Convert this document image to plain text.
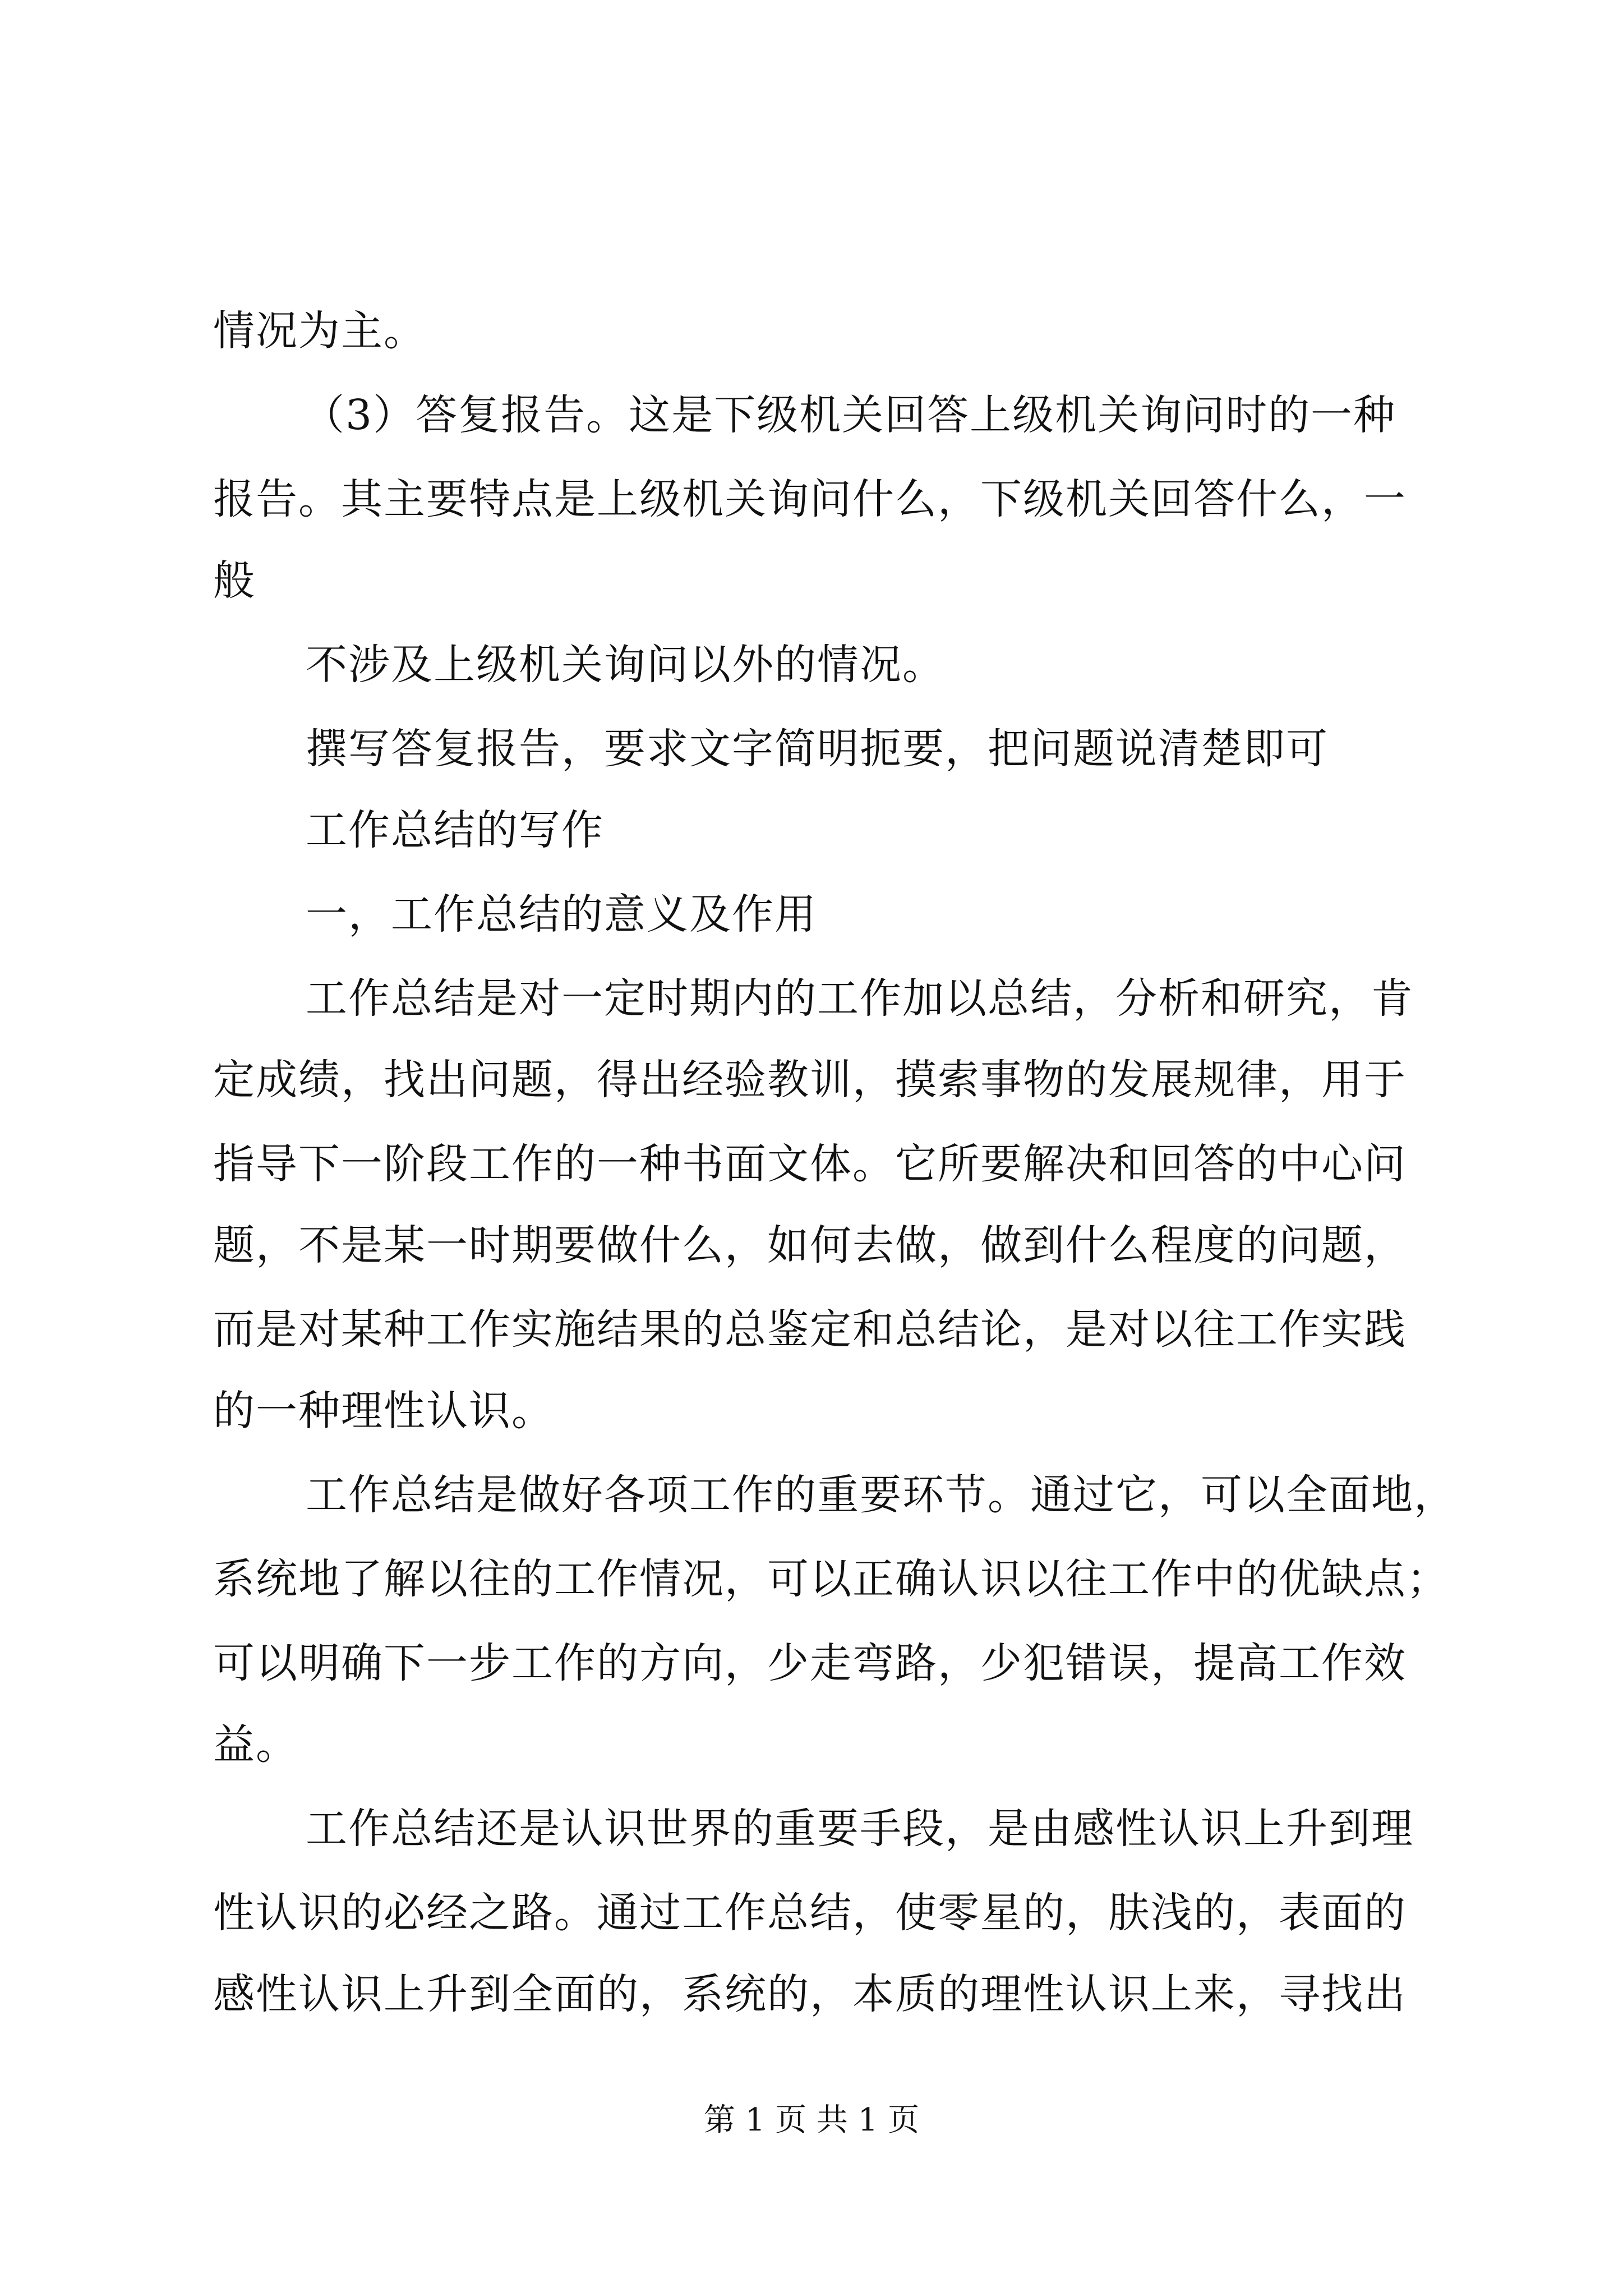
情况为主。
（3）答复报告。这是下级机关回答上级机关询问时的一种
报告。其主要特点是上级机关询问什么，下级机关回答什么，一
般
不涉及上级机关询问以外的情况。
撰写答复报告，要求文字简明扼要，把问题说清楚即可
工作总结的写作
一，工作总结的意义及作用
工作总结是对一定时期内的工作加以总结，分析和研究，肯
定成绩，找出问题，得出经验教训，摸索事物的发展规律，用于
指导下一阶段工作的一种书面文体。它所要解决和回答的中心问
题，不是某一时期要做什么，如何去做，做到什么程度的问题，
而是对某种工作实施结果的总鉴定和总结论，是对以往工作实践
的一种理性认识。
工作总结是做好各项工作的重要环节。通过它，可以全面地，
系统地了解以往的工作情况，可以正确认识以往工作中的优缺点；
可以明确下一步工作的方向，少走弯路，少犯错误，提高工作效
益。
工作总结还是认识世界的重要手段，是由感性认识上升到理
性认识的必经之路。通过工作总结，使零星的，肤浅的，表面的
感性认识上升到全面的，系统的，本质的理性认识上来，寻找出
第 1 页 共 1 页
